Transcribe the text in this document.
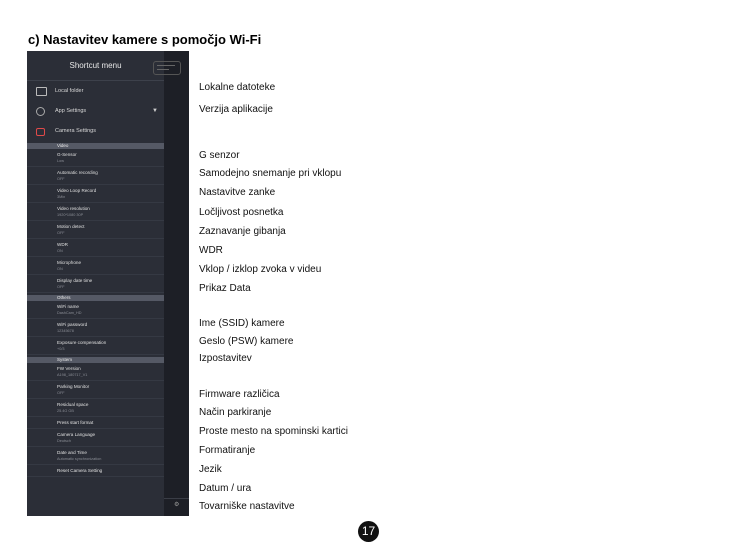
c) Nastavitev kamere s pomočjo Wi-Fi
Shortcut menu
Local folder
App Settings	▼
Camera Settings
Video
G-Sensor
Low
Automatic recording
OFF
Video Loop Record
3Min
Video resolution
1920*1080 30P
Motion detect
OFF
WDR
ON
Microphone
ON
Display date time
OFF
Others
WiFi name
DashCam_HD
WiFi password
12345678
Exposure compensation
+0/3
System
FW Version
A198_180717_V1
Parking Monitor
OFF
Residual space
25.4G GB
Press start format
Camera Language
Deutsch
Date and Time
Automatic synchronization
Reset Camera Setting
⚙
Lokalne datoteke
Verzija aplikacije
G senzor
Samodejno snemanje pri vklopu
Nastavitve zanke
Ločljivost posnetka
Zaznavanje gibanja
WDR
Vklop / izklop zvoka v videu
Prikaz Data
Ime (SSID) kamere
Geslo (PSW) kamere
Izpostavitev
Firmware različica
Način parkiranje
Proste mesto na spominski kartici
Formatiranje
Jezik
Datum / ura
Tovarniške nastavitve
17
